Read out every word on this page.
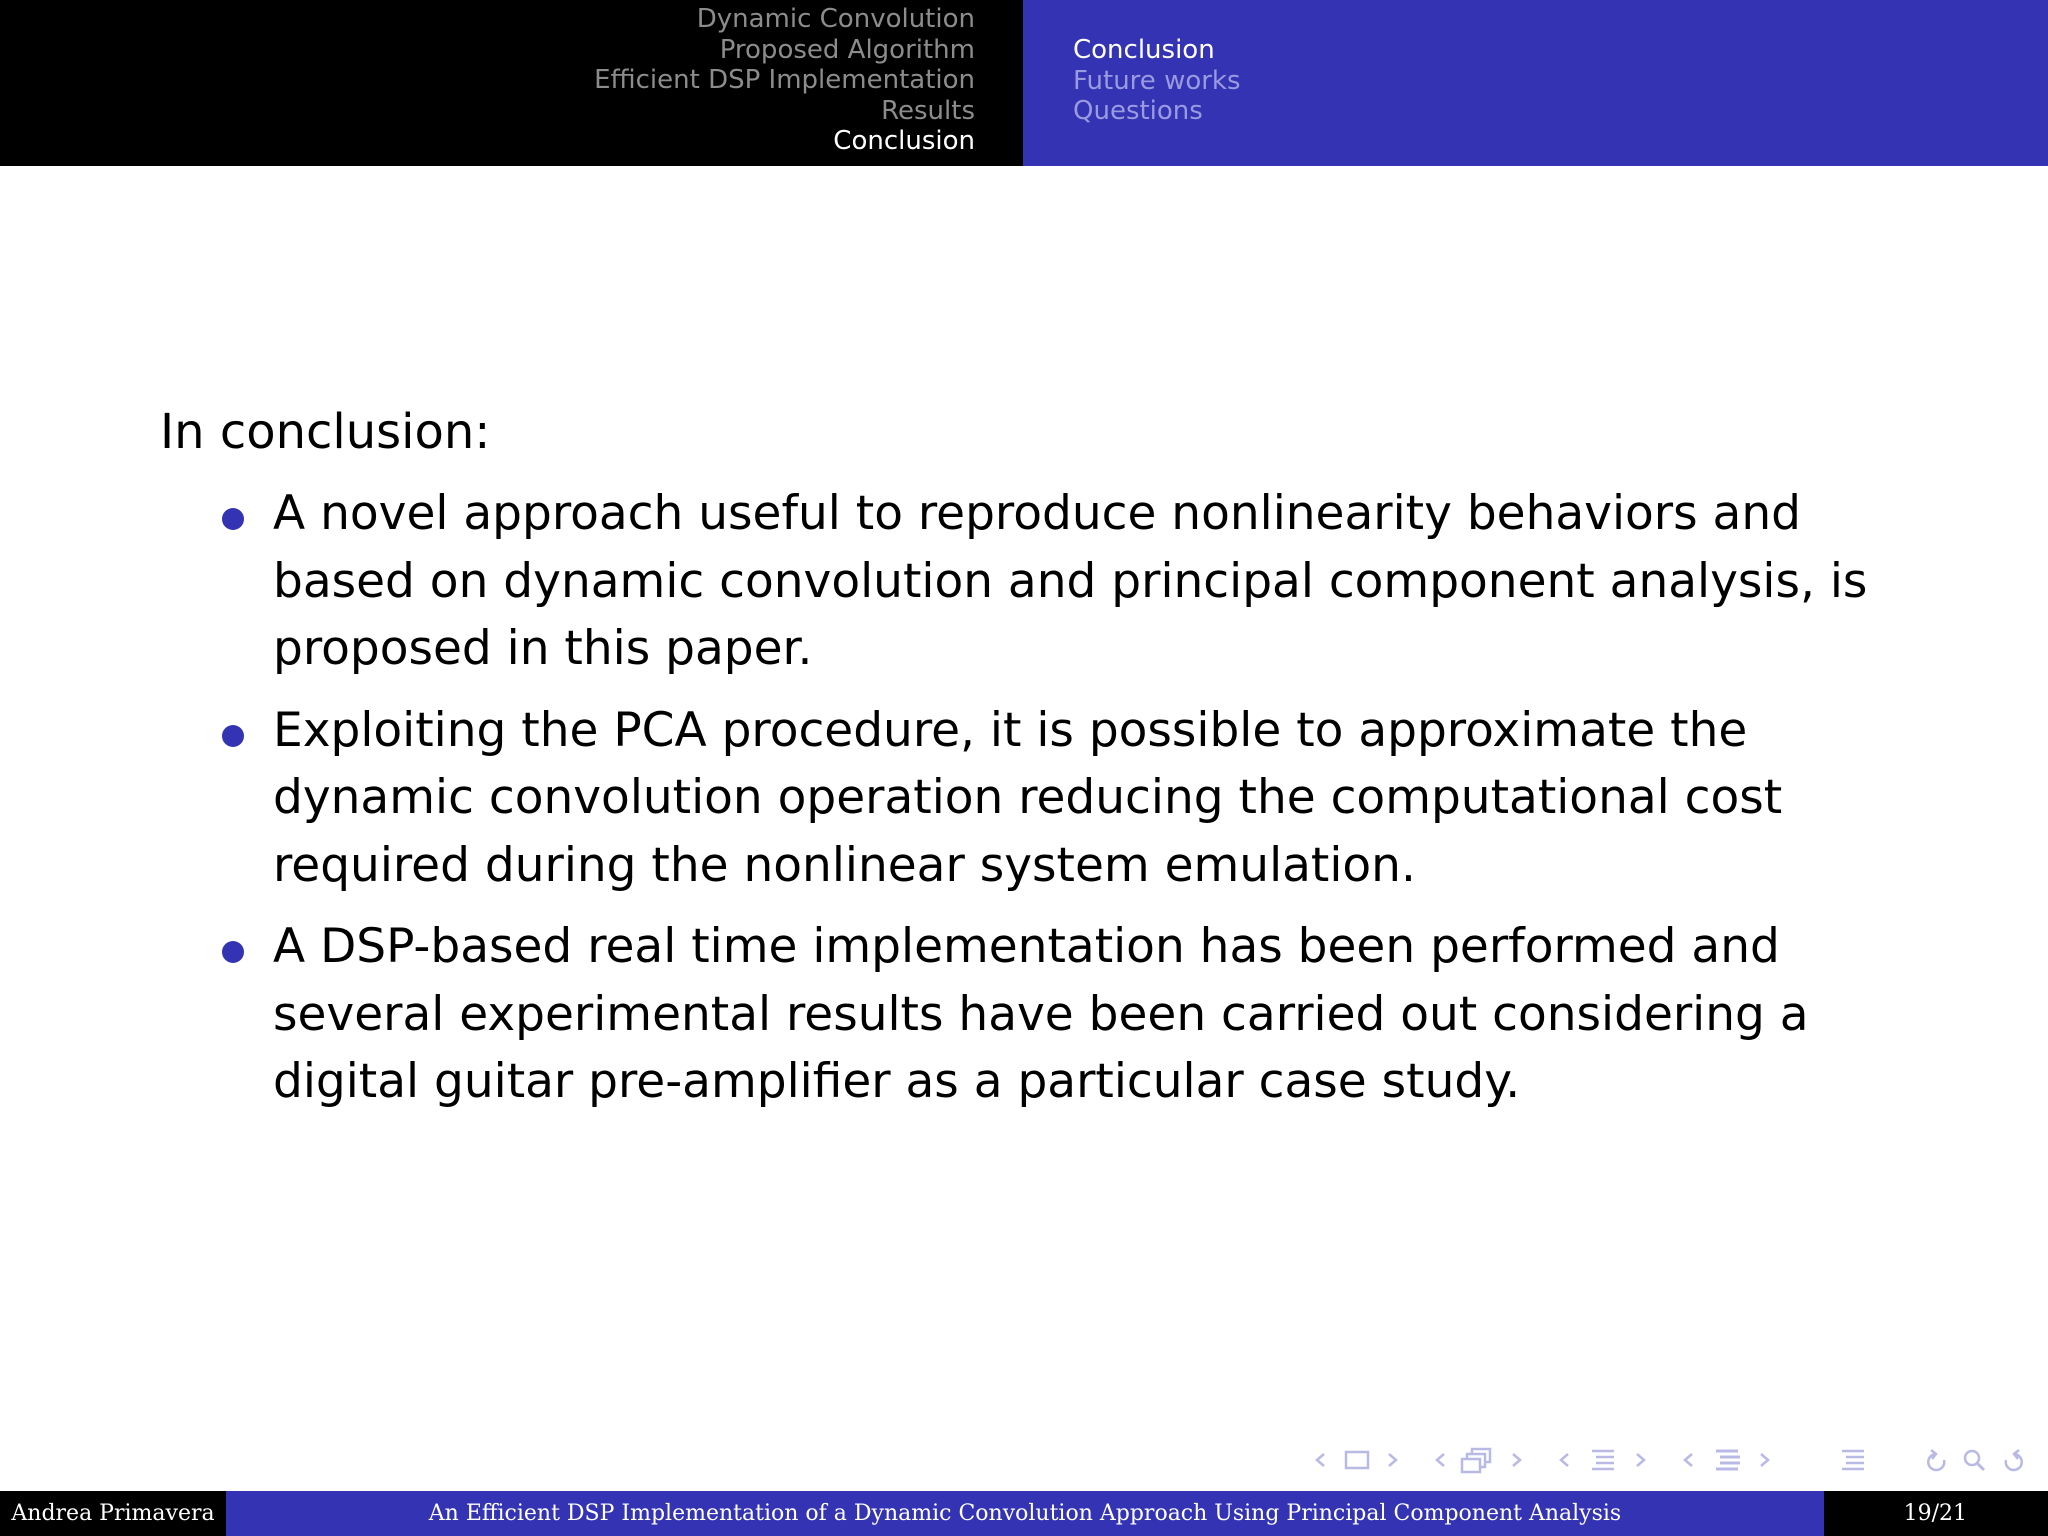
Dynamic Convolution
Proposed Algorithm
Efficient DSP Implementation
Results
Conclusion
Conclusion
Future works
Questions
In conclusion:
A novel approach useful to reproduce nonlinearity behaviors and based on dynamic convolution and principal component analysis, is proposed in this paper.
Exploiting the PCA procedure, it is possible to approximate the dynamic convolution operation reducing the computational cost required during the nonlinear system emulation.
A DSP-based real time implementation has been performed and several experimental results have been carried out considering a digital guitar pre-amplifier as a particular case study.
Andrea Primavera	An Efficient DSP Implementation of a Dynamic Convolution Approach Using Principal Component Analysis	19/21
